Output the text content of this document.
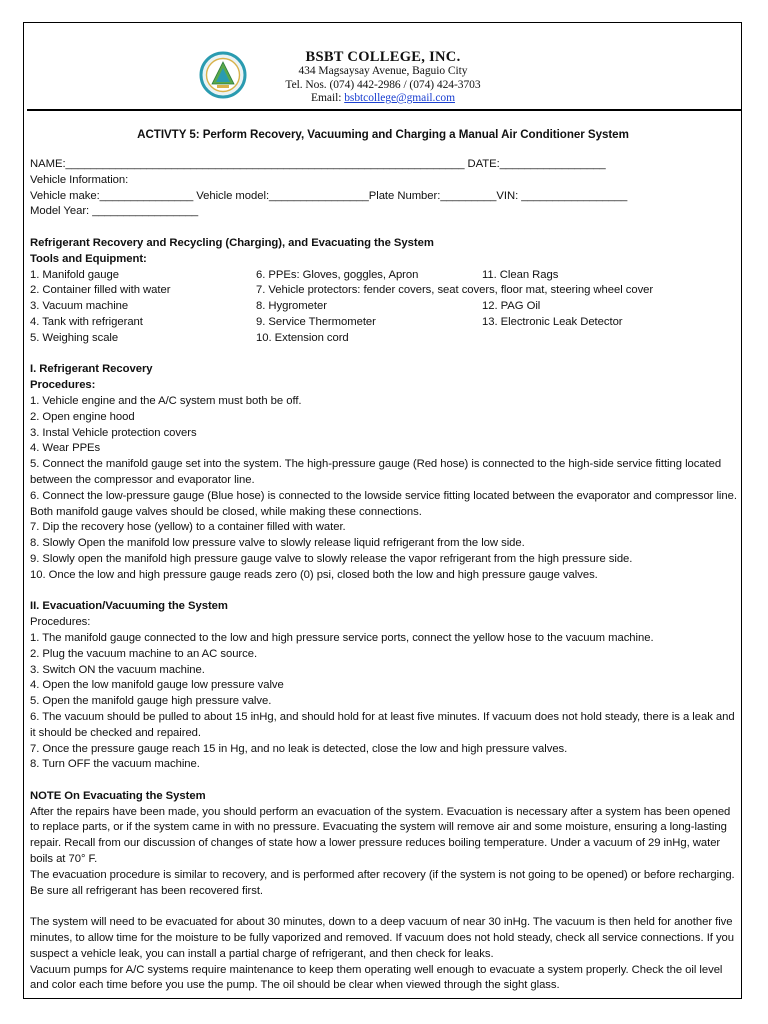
BSBT COLLEGE, INC.
434 Magsaysay Avenue, Baguio City
Tel. Nos. (074) 442-2986 / (074) 424-3703
Email: bsbtcollege@gmail.com
ACTIVTY 5: Perform Recovery, Vacuuming and Charging a Manual Air Conditioner System
NAME:________________________________________________________________ DATE:_________________
Vehicle Information:
Vehicle make:_______________ Vehicle model:________________Plate Number:_________VIN: _________________
Model Year: _________________
Refrigerant Recovery and Recycling (Charging), and Evacuating the System
Tools and Equipment:
1. Manifold gauge
2. Container filled with water
3. Vacuum machine
4. Tank with refrigerant
5. Weighing scale
6. PPEs: Gloves, goggles, Apron
7. Vehicle protectors: fender covers, seat covers, floor mat, steering wheel cover
8. Hygrometer
9. Service Thermometer
10. Extension cord
11. Clean Rags
12. PAG Oil
13. Electronic Leak Detector
I. Refrigerant Recovery
Procedures:

1. Vehicle engine and the A/C system must both be off.

2. Open engine hood

3. Instal Vehicle protection covers

4. Wear PPEs

5. Connect the manifold gauge set into the system. The high-pressure gauge (Red hose) is connected to the high-side service fitting located between the compressor and evaporator line.

6. Connect the low-pressure gauge (Blue hose) is connected to the lowside service fitting located between the evaporator and compressor line. Both manifold gauge valves should be closed, while making these connections.

7. Dip the recovery hose (yellow) to a container filled with water.

8. Slowly Open the manifold low pressure valve to slowly release liquid refrigerant from the low side.

9. Slowly open the manifold high pressure gauge valve to slowly release the vapor refrigerant from the high pressure side.

10. Once the low and high pressure gauge reads zero (0) psi, closed both the low and high pressure gauge valves.

II. Evacuation/Vacuuming the System
Procedures:

1. The manifold gauge connected to the low and high pressure service ports, connect the yellow hose to the vacuum machine.

2. Plug the vacuum machine to an AC source.

3. Switch ON the vacuum machine.

4. Open the low manifold gauge low pressure valve

5. Open the manifold gauge high pressure valve.

6. The vacuum should be pulled to about 15 inHg, and should hold for at least five minutes. If vacuum does not hold steady, there is a leak and it should be checked and repaired.

7. Once the pressure gauge reach 15 in Hg, and no leak is detected, close the low and high pressure valves.

8. Turn OFF the vacuum machine.

NOTE On Evacuating the System

After the repairs have been made, you should perform an evacuation of the system. Evacuation is necessary after a system has been opened to replace parts, or if the system came in with no pressure. Evacuating the system will remove air and some moisture, ensuring a long-lasting repair. Recall from our discussion of changes of state how a lower pressure reduces boiling temperature. Under a vacuum of 29 inHg, water boils at 70° F.

The evacuation procedure is similar to recovery, and is performed after recovery (if the system is not going to be opened) or before recharging. Be sure all refrigerant has been recovered first.

The system will need to be evacuated for about 30 minutes, down to a deep vacuum of near 30 inHg. The vacuum is then held for another five minutes, to allow time for the moisture to be fully vaporized and removed. If vacuum does not hold steady, check all service connections. If you suspect a vehicle leak, you can install a partial charge of refrigerant, and then check for leaks.

Vacuum pumps for A/C systems require maintenance to keep them operating well enough to evacuate a system properly. Check the oil level and color each time before you use the pump. The oil should be clear when viewed through the sight glass.
